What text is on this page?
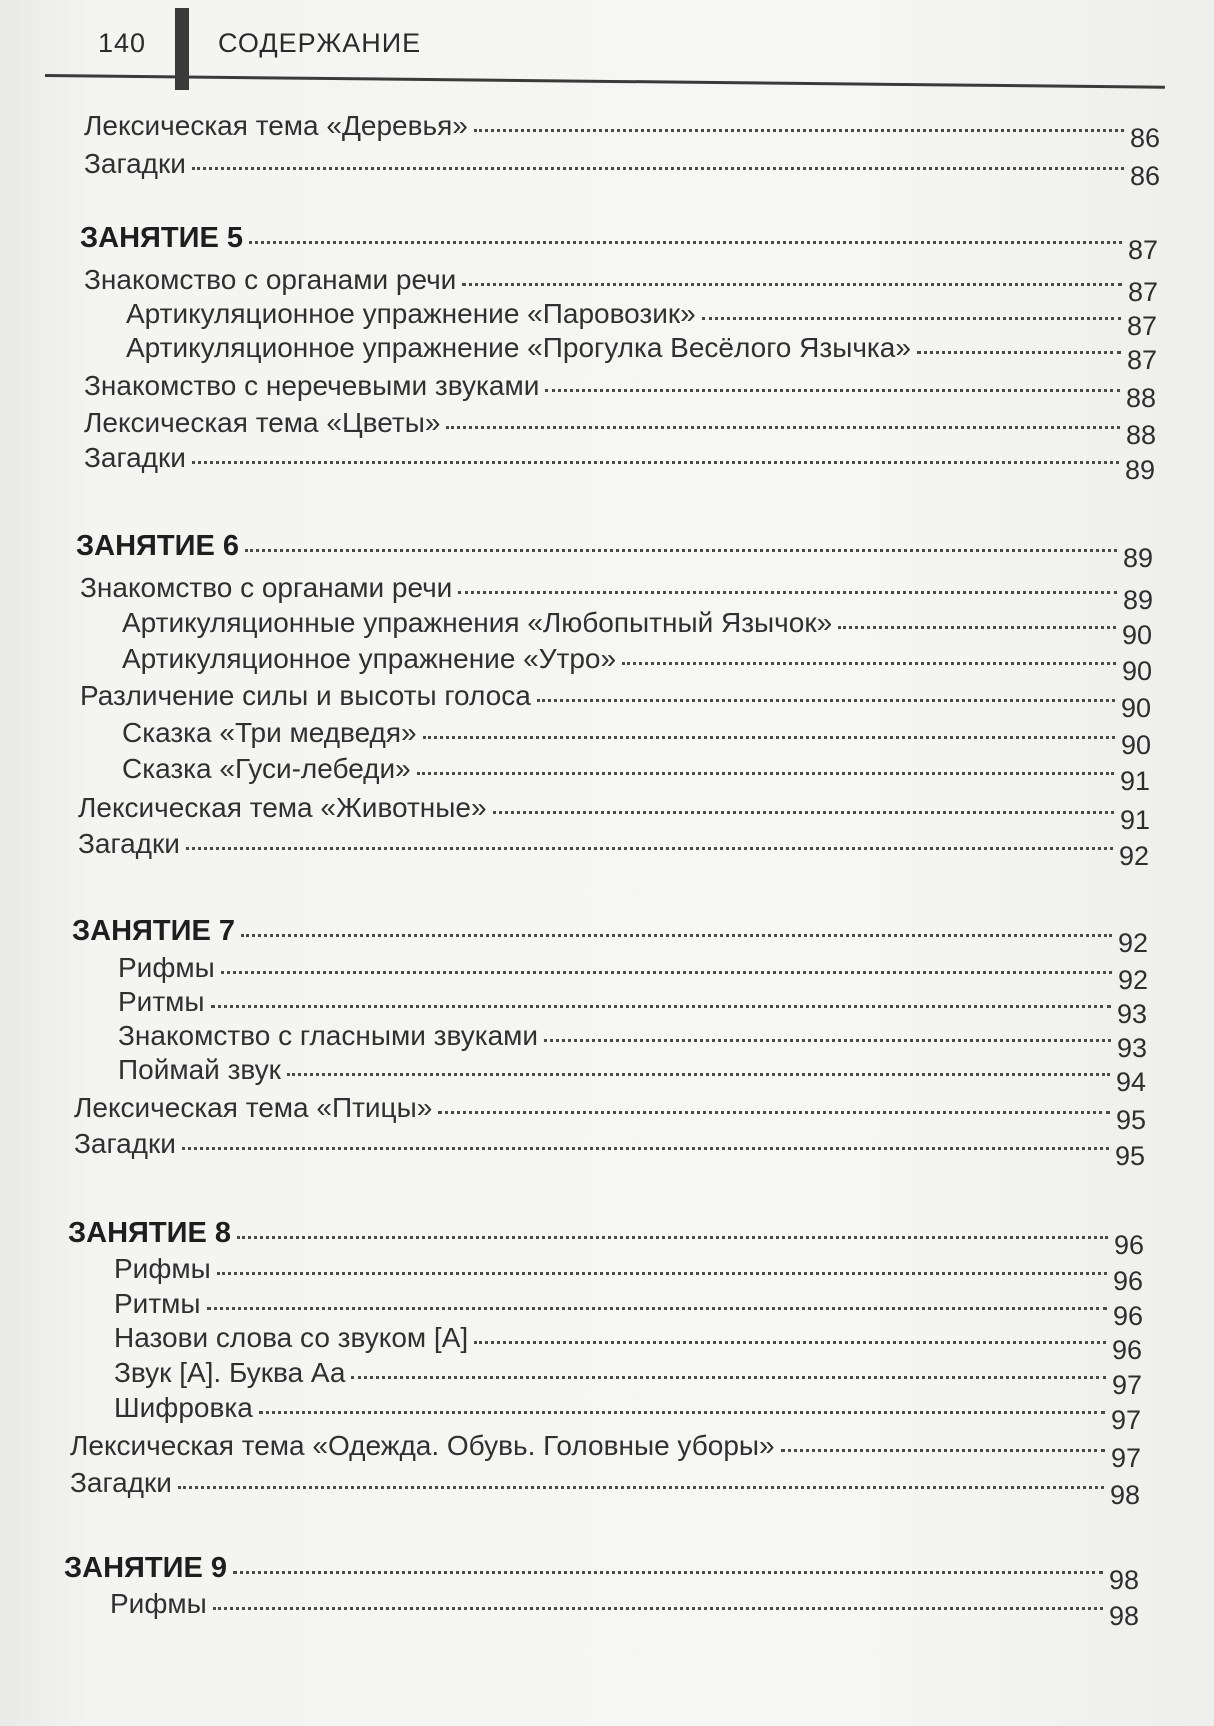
140	СОДЕРЖАНИЕ
Лексическая тема «Деревья»	86
Загадки	86
ЗАНЯТИЕ 5	87
Знакомство с органами речи	87
Артикуляционное упражнение «Паровозик»	87
Артикуляционное упражнение «Прогулка Весёлого Язычка»	87
Знакомство с неречевыми звуками	88
Лексическая тема «Цветы»	88
Загадки	89
ЗАНЯТИЕ 6	89
Знакомство с органами речи	89
Артикуляционные упражнения «Любопытный Язычок»	90
Артикуляционное упражнение «Утро»	90
Различение силы и высоты голоса	90
Сказка «Три медведя»	90
Сказка «Гуси-лебеди»	91
Лексическая тема «Животные»	91
Загадки	92
ЗАНЯТИЕ 7	92
Рифмы	92
Ритмы	93
Знакомство с гласными звуками	93
Поймай звук	94
Лексическая тема «Птицы»	95
Загадки	95
ЗАНЯТИЕ 8	96
Рифмы	96
Ритмы	96
Назови слова со звуком [А]	96
Звук [А]. Буква Аа	97
Шифровка	97
Лексическая тема «Одежда. Обувь. Головные уборы»	97
Загадки	98
ЗАНЯТИЕ 9	98
Рифмы	98
